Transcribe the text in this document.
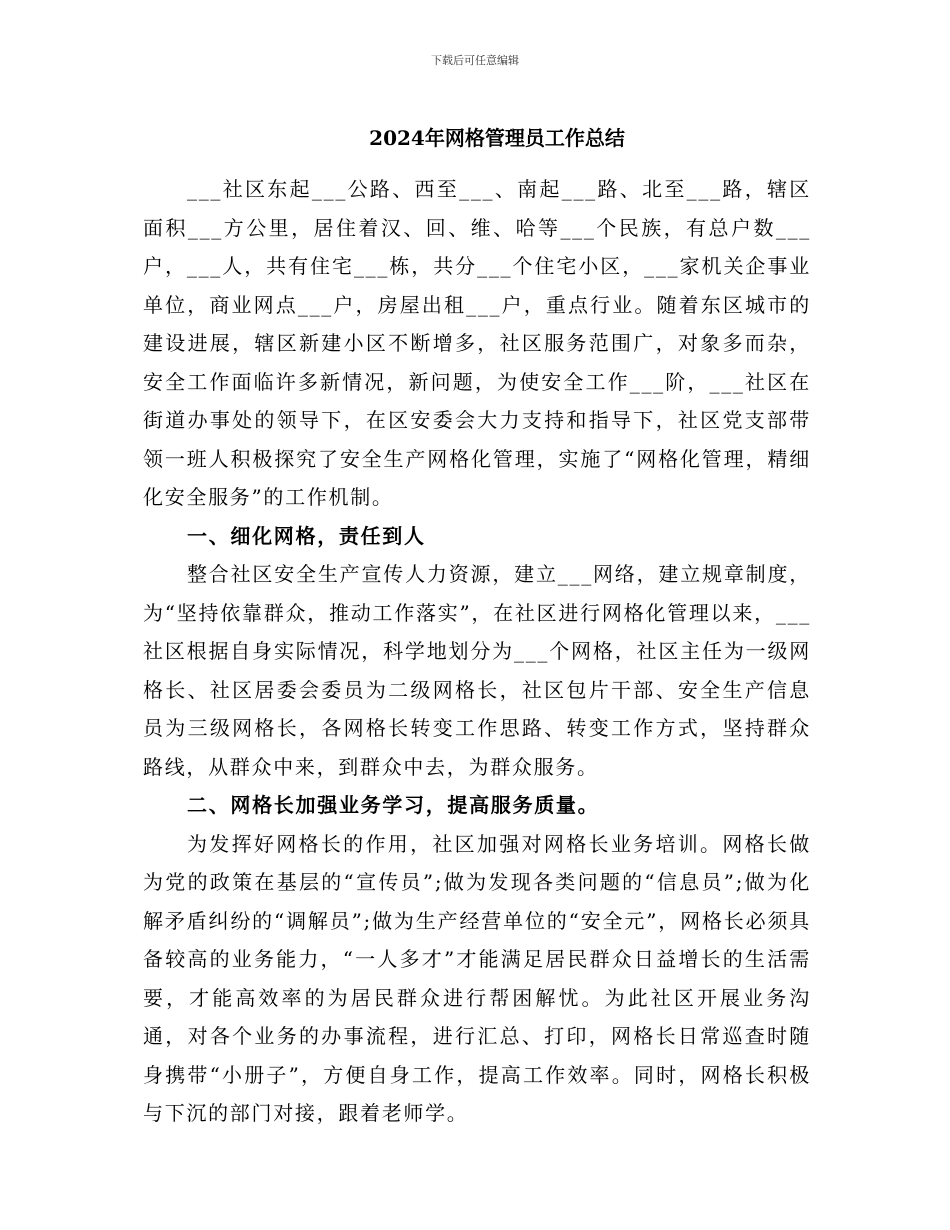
下载后可任意编辑
2024年网格管理员工作总结

___社区东起___公路、西至___、南起___路、北至___路，辖区面积___方公里，居住着汉、回、维、哈等___个民族，有总户数___户，___人，共有住宅___栋，共分___个住宅小区，___家机关企事业单位，商业网点___户，房屋出租___户，重点行业。随着东区城市的建设进展，辖区新建小区不断增多，社区服务范围广，对象多而杂，安全工作面临许多新情况，新问题，为使安全工作___阶，___社区在街道办事处的领导下，在区安委会大力支持和指导下，社区党支部带领一班人积极探究了安全生产网格化管理，实施了“网格化管理，精细化安全服务”的工作机制。

一、细化网格，责任到人

整合社区安全生产宣传人力资源，建立___网络，建立规章制度，为“坚持依靠群众，推动工作落实”，在社区进行网格化管理以来，___社区根据自身实际情况，科学地划分为___个网格，社区主任为一级网格长、社区居委会委员为二级网格长，社区包片干部、安全生产信息员为三级网格长，各网格长转变工作思路、转变工作方式，坚持群众路线，从群众中来，到群众中去，为群众服务。

二、网格长加强业务学习，提高服务质量。

为发挥好网格长的作用，社区加强对网格长业务培训。网格长做为党的政策在基层的“宣传员”;做为发现各类问题的“信息员”;做为化解矛盾纠纷的“调解员”;做为生产经营单位的“安全元”，网格长必须具备较高的业务能力，“一人多才”才能满足居民群众日益增长的生活需要，才能高效率的为居民群众进行帮困解忧。为此社区开展业务沟通，对各个业务的办事流程，进行汇总、打印，网格长日常巡查时随身携带“小册子”，方便自身工作，提高工作效率。同时，网格长积极与下沉的部门对接，跟着老师学。
